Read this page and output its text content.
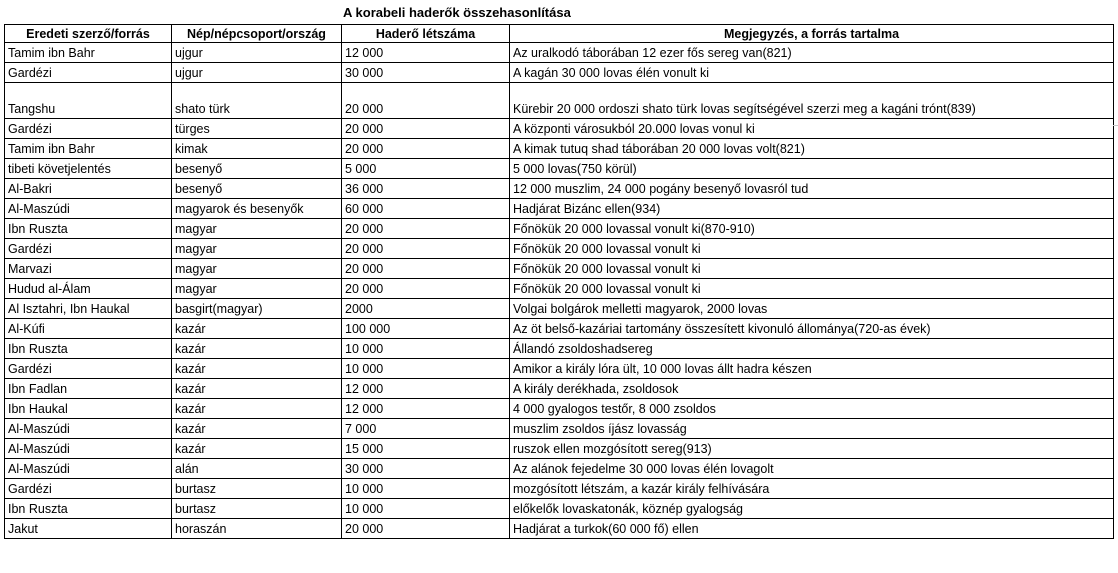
A korabeli haderők összehasonlítása
Eredeti szerző/forrás	Nép/népcsoport/ország	Haderő létszáma	Megjegyzés, a forrás tartalma
Tamim ibn Bahr	ujgur	12 000	Az uralkodó táborában 12 ezer fős sereg van(821)
Gardézi	ujgur	30 000	A kagán 30 000 lovas élén vonult ki
Tangshu	shato türk	20 000	Kürebir 20 000 ordoszi shato türk lovas segítségével szerzi meg a kagáni trónt(839)
Gardézi	türges	20 000	A központi városukból 20.000 lovas vonul ki
Tamim ibn Bahr	kimak	20 000	A kimak tutuq shad táborában 20 000 lovas volt(821)
tibeti követjelentés	besenyő	5 000	5 000 lovas(750 körül)
Al-Bakri	besenyő	36 000	12 000 muszlim, 24 000 pogány besenyő lovasról tud
Al-Maszúdi	magyarok és besenyők	60 000	Hadjárat Bizánc ellen(934)
Ibn Ruszta	magyar	20 000	Főnökük 20 000 lovassal vonult ki(870-910)
Gardézi	magyar	20 000	Főnökük 20 000 lovassal vonult ki
Marvazi	magyar	20 000	Főnökük 20 000 lovassal vonult ki
Hudud al-Álam	magyar	20 000	Főnökük 20 000 lovassal vonult ki
Al Isztahri, Ibn Haukal	basgirt(magyar)	2000	Volgai bolgárok melletti magyarok, 2000 lovas
Al-Kúfi	kazár	100 000	Az öt belső-kazáriai tartomány összesített kivonuló állománya(720-as évek)
Ibn Ruszta	kazár	10 000	Állandó zsoldoshadsereg
Gardézi	kazár	10 000	Amikor a király lóra ült, 10 000 lovas állt hadra készen
Ibn Fadlan	kazár	12 000	A király derékhada, zsoldosok
Ibn Haukal	kazár	12 000	4 000 gyalogos testőr, 8 000 zsoldos
Al-Maszúdi	kazár	7 000	muszlim zsoldos íjász lovasság
Al-Maszúdi	kazár	15 000	ruszok ellen mozgósított sereg(913)
Al-Maszúdi	alán	30 000	Az alánok fejedelme 30 000 lovas élén lovagolt
Gardézi	burtasz	10 000	mozgósított létszám, a kazár király felhívására
Ibn Ruszta	burtasz	10 000	előkelők lovaskatonák, köznép gyalogság
Jakut	horaszán	20 000	Hadjárat a turkok(60 000 fő) ellen
